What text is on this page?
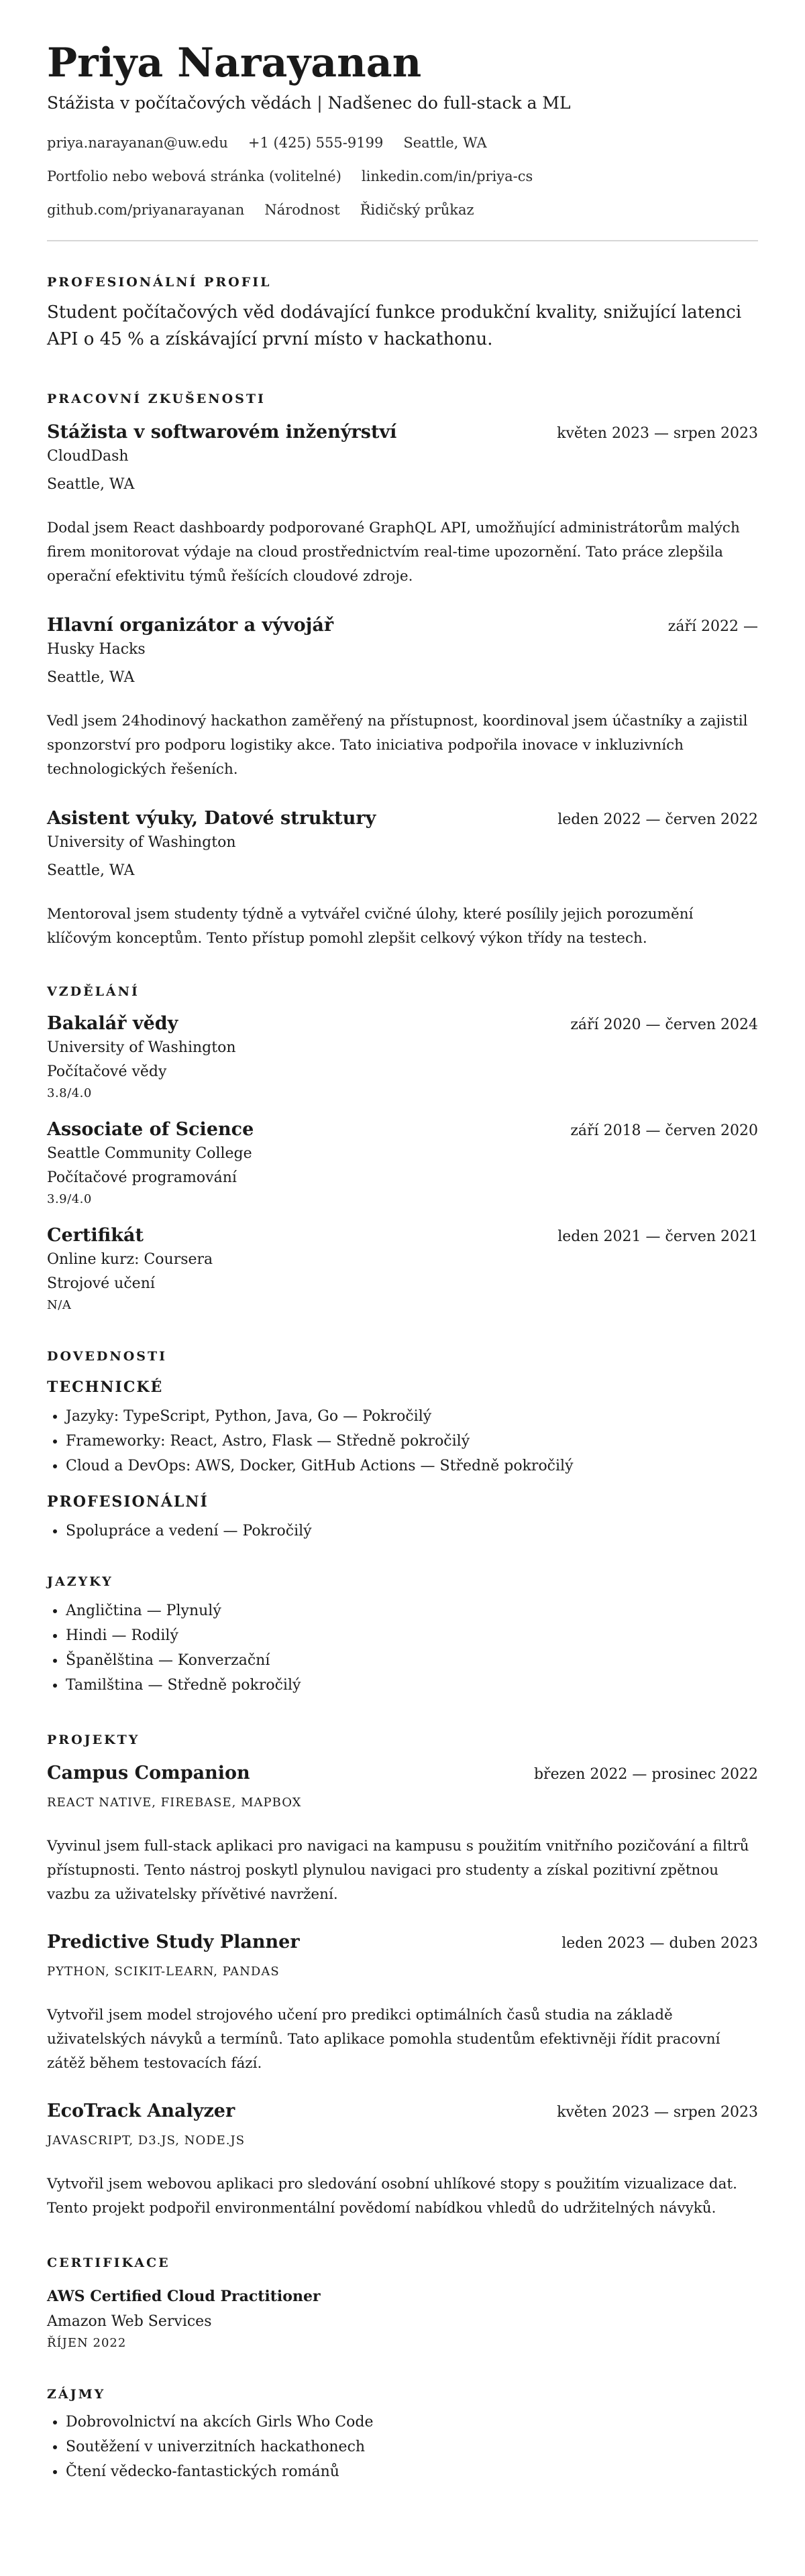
Priya Narayanan
Stážista v počítačových vědách | Nadšenec do full-stack a ML
priya.narayanan@uw.edu +1 (425) 555-9199 Seattle, WA
Portfolio nebo webová stránka (volitelné) linkedin.com/in/priya-cs
github.com/priyanarayanan Národnost Řidičský průkaz
PROFESIONÁLNÍ PROFIL
Student počítačových věd dodávající funkce produkční kvality, snižující latenci API o 45 % a získávající první místo v hackathonu.
PRACOVNÍ ZKUŠENOSTI
Stážista v softwarovém inženýrství	květen 2023 — srpen 2023
CloudDash
Seattle, WA
Dodal jsem React dashboardy podporované GraphQL API, umožňující administrátorům malých firem monitorovat výdaje na cloud prostřednictvím real-time upozornění. Tato práce zlepšila operační efektivitu týmů řešících cloudové zdroje.
Hlavní organizátor a vývojář	září 2022 —
Husky Hacks
Seattle, WA
Vedl jsem 24hodinový hackathon zaměřený na přístupnost, koordinoval jsem účastníky a zajistil sponzorství pro podporu logistiky akce. Tato iniciativa podpořila inovace v inkluzivních technologických řešeních.
Asistent výuky, Datové struktury	leden 2022 — červen 2022
University of Washington
Seattle, WA
Mentoroval jsem studenty týdně a vytvářel cvičné úlohy, které posílily jejich porozumění klíčovým konceptům. Tento přístup pomohl zlepšit celkový výkon třídy na testech.
VZDĚLÁNÍ
Bakalář vědy	září 2020 — červen 2024
University of Washington
Počítačové vědy
3.8/4.0
Associate of Science	září 2018 — červen 2020
Seattle Community College
Počítačové programování
3.9/4.0
Certifikát	leden 2021 — červen 2021
Online kurz: Coursera
Strojové učení
N/A
DOVEDNOSTI
TECHNICKÉ
• Jazyky: TypeScript, Python, Java, Go — Pokročilý
• Frameworky: React, Astro, Flask — Středně pokročilý
• Cloud a DevOps: AWS, Docker, GitHub Actions — Středně pokročilý
PROFESIONÁLNÍ
• Spolupráce a vedení — Pokročilý
JAZYKY
• Angličtina — Plynulý
• Hindi — Rodilý
• Španělština — Konverzační
• Tamilština — Středně pokročilý
PROJEKTY
Campus Companion	březen 2022 — prosinec 2022
REACT NATIVE, FIREBASE, MAPBOX
Vyvinul jsem full-stack aplikaci pro navigaci na kampusu s použitím vnitřního pozičování a filtrů přístupnosti. Tento nástroj poskytl plynulou navigaci pro studenty a získal pozitivní zpětnou vazbu za uživatelsky přívětivé navržení.
Predictive Study Planner	leden 2023 — duben 2023
PYTHON, SCIKIT-LEARN, PANDAS
Vytvořil jsem model strojového učení pro predikci optimálních časů studia na základě uživatelských návyků a termínů. Tato aplikace pomohla studentům efektivněji řídit pracovní zátěž během testovacích fází.
EcoTrack Analyzer	květen 2023 — srpen 2023
JAVASCRIPT, D3.JS, NODE.JS
Vytvořil jsem webovou aplikaci pro sledování osobní uhlíkové stopy s použitím vizualizace dat. Tento projekt podpořil environmentální povědomí nabídkou vhledů do udržitelných návyků.
CERTIFIKACE
AWS Certified Cloud Practitioner
Amazon Web Services
ŘÍJEN 2022
ZÁJMY
• Dobrovolnictví na akcích Girls Who Code
• Soutěžení v univerzitních hackathonech
• Čtení vědecko-fantastických románů
